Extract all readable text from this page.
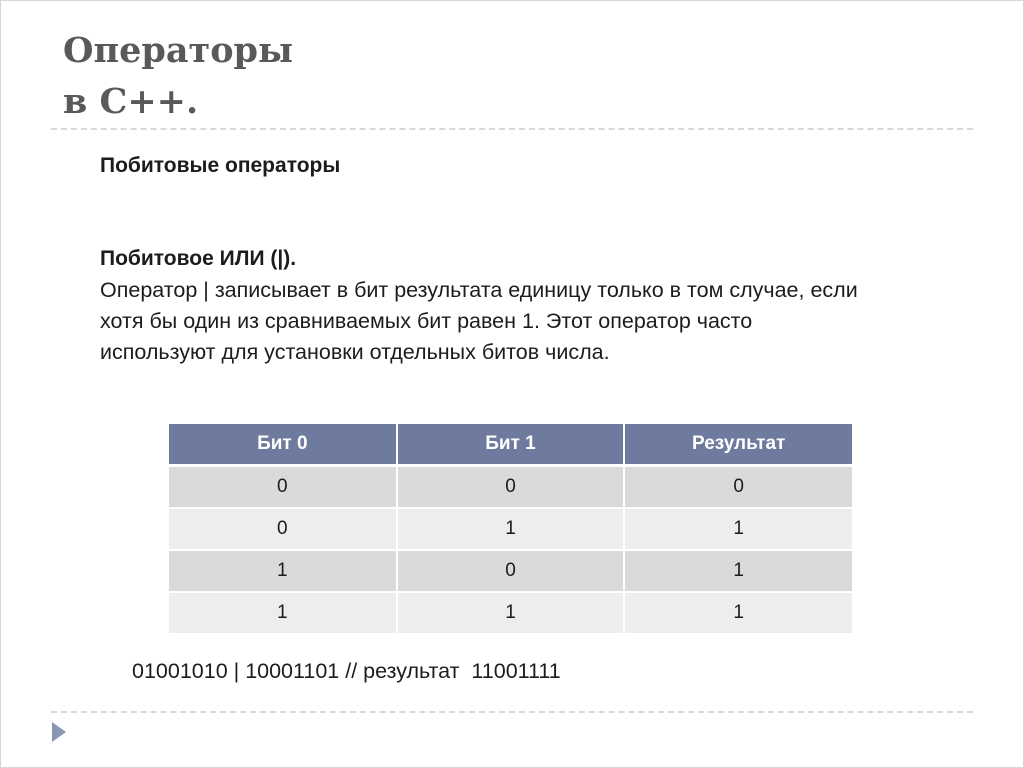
Операторы
в С++.

Побитовые операторы

Побитовое ИЛИ (|).

Оператор | записывает в бит результата единицу только в том случае, если хотя бы один из сравниваемых бит равен 1. Этот оператор часто используют для установки отдельных битов числа.

Бит 0	Бит 1	Результат
0	0	0
0	1	1
1	0	1
1	1	1

01001010 | 10001101 // результат  11001111
